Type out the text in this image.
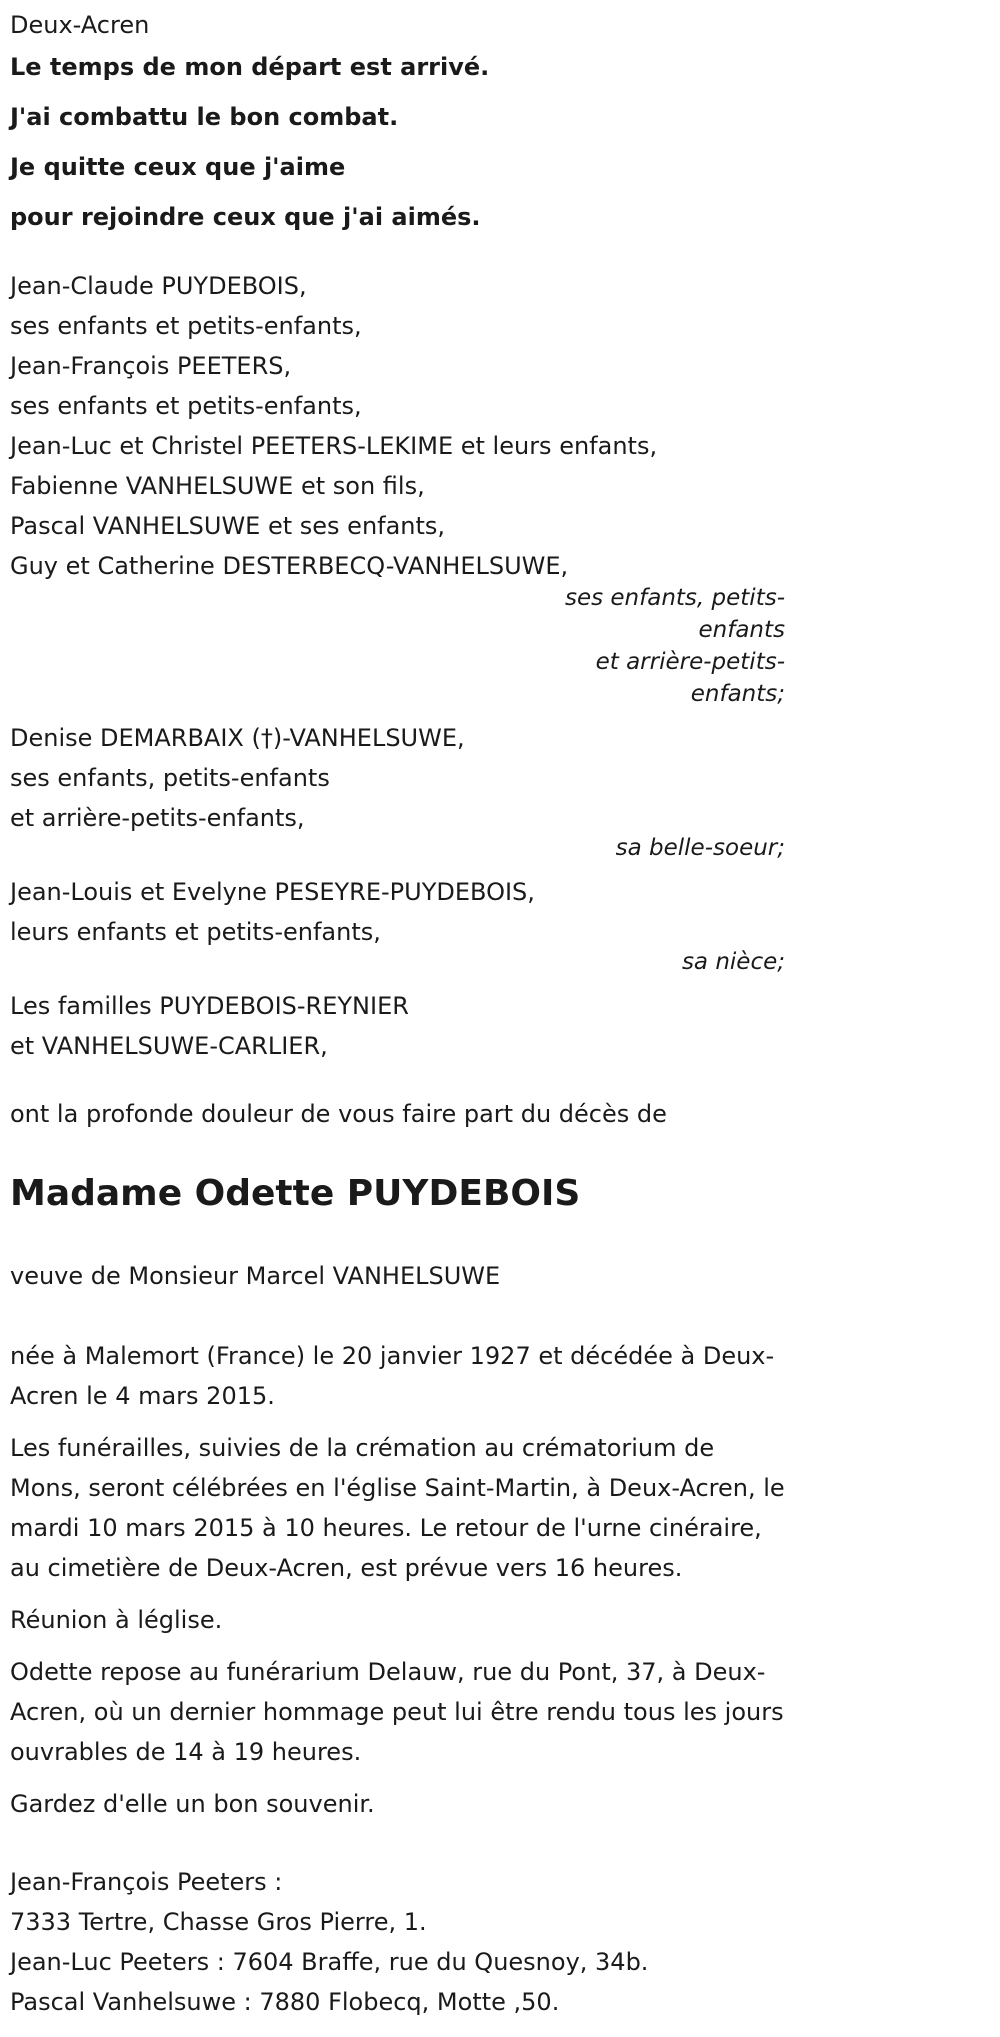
Deux-Acren

Le temps de mon départ est arrivé.
J'ai combattu le bon combat.
Je quitte ceux que j'aime
pour rejoindre ceux que j'ai aimés.
Jean-Claude PUYDEBOIS,
ses enfants et petits-enfants,
Jean-François PEETERS,
ses enfants et petits-enfants,
Jean-Luc et Christel PEETERS-LEKIME et leurs enfants,
Fabienne VANHELSUWE et son fils,
Pascal VANHELSUWE et ses enfants,
Guy et Catherine DESTERBECQ-VANHELSUWE,
ses enfants, petits-
enfants
et arrière-petits-
enfants;
Denise DEMARBAIX (†)-VANHELSUWE,
ses enfants, petits-enfants
et arrière-petits-enfants,
sa belle-soeur;
Jean-Louis et Evelyne PESEYRE-PUYDEBOIS,
leurs enfants et petits-enfants,
sa nièce;
Les familles PUYDEBOIS-REYNIER
et VANHELSUWE-CARLIER,

ont la profonde douleur de vous faire part du décès de

Madame Odette PUYDEBOIS

veuve de Monsieur Marcel VANHELSUWE

née à Malemort (France) le 20 janvier 1927 et décédée à Deux-Acren le 4 mars 2015.

Les funérailles, suivies de la crémation au crématorium de Mons, seront célébrées en l'église Saint-Martin, à Deux-Acren, le mardi 10 mars 2015 à 10 heures. Le retour de l'urne cinéraire, au cimetière de Deux-Acren, est prévue vers 16 heures.

Réunion à léglise.

Odette repose au funérarium Delauw, rue du Pont, 37, à Deux-Acren, où un dernier hommage peut lui être rendu tous les jours ouvrables de 14 à 19 heures.

Gardez d'elle un bon souvenir.

Jean-François Peeters :
7333 Tertre, Chasse Gros Pierre, 1.
Jean-Luc Peeters : 7604 Braffe, rue du Quesnoy, 34b.
Pascal Vanhelsuwe : 7880 Flobecq, Motte ,50.
